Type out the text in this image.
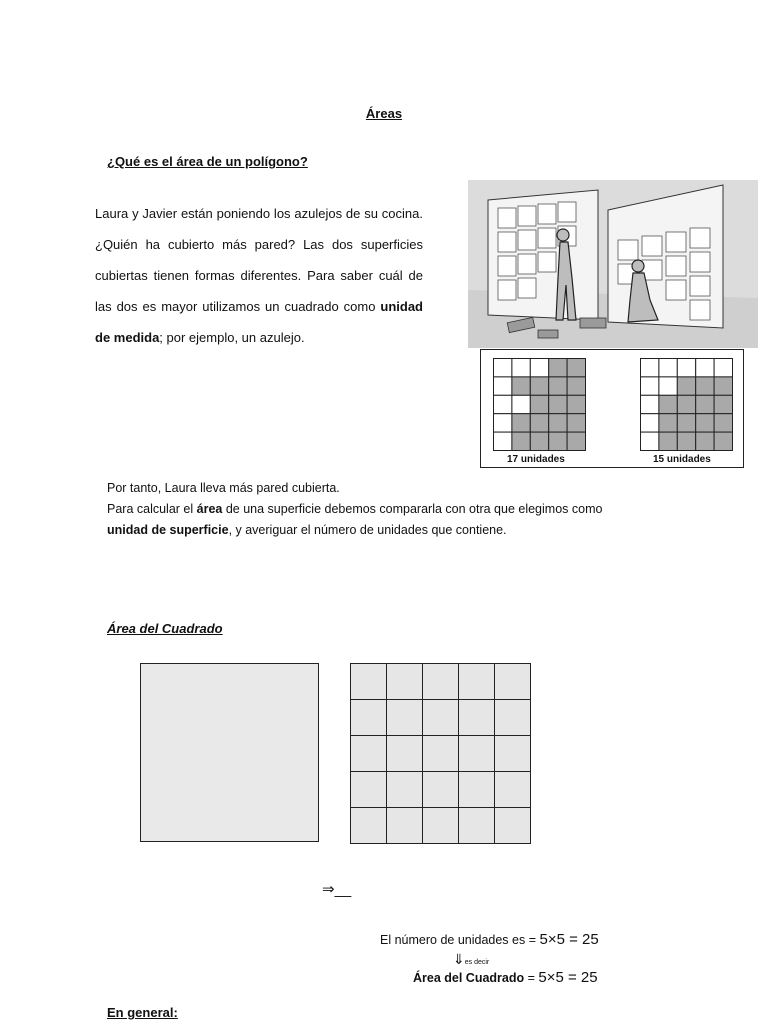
Áreas
¿Qué es el área de un polígono?
Laura y Javier están poniendo los azulejos de su cocina. ¿Quién ha cubierto más pared? Las dos superficies cubiertas tienen formas diferentes. Para saber cuál de las dos es mayor utilizamos un cuadrado como unidad de medida; por ejemplo, un azulejo.
17 unidades	15 unidades
Por tanto, Laura lleva más pared cubierta.
Para calcular el área de una superficie debemos compararla con otra que elegimos como
unidad de superficie, y averiguar el número de unidades que contiene.
Área del Cuadrado
⇒__
El número de unidades es = 5×5 = 25
⇓es decir
Área del Cuadrado = 5×5 = 25
En general:
